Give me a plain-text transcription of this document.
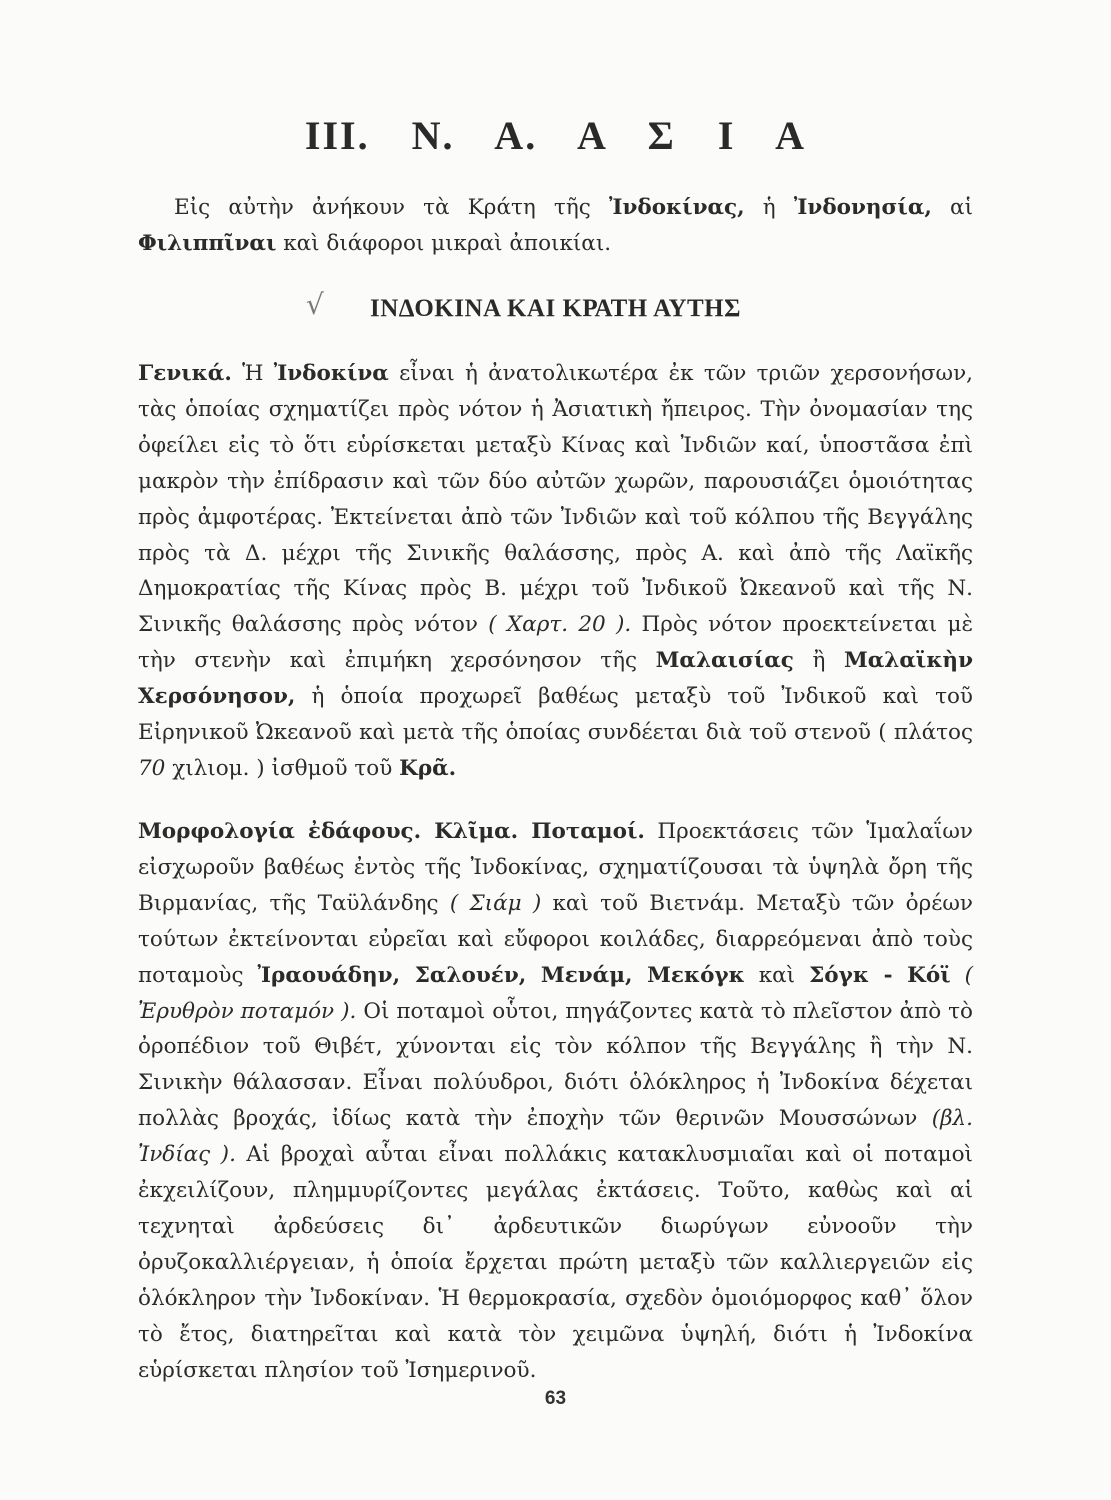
III. Ν. Α. Α Σ Ι Α

Εἰς αὐτὴν ἀνήκουν τὰ Κράτη τῆς Ἰνδοκίνας, ἡ Ἰνδονησία, αἱ Φιλιππῖναι καὶ διάφοροι μικραὶ ἀποικίαι.

√	ΙΝΔΟΚΙΝΑ ΚΑΙ ΚΡΑΤΗ ΑΥΤΗΣ

Γενικά. Ἡ Ἰνδοκίνα εἶναι ἡ ἀνατολικωτέρα ἐκ τῶν τριῶν χερσονήσων, τὰς ὁποίας σχηματίζει πρὸς νότον ἡ Ἀσιατικὴ ἤπειρος. Τὴν ὀνομασίαν της ὀφείλει εἰς τὸ ὅτι εὑρίσκεται μεταξὺ Κίνας καὶ Ἰνδιῶν καί, ὑποστᾶσα ἐπὶ μακρὸν τὴν ἐπίδρασιν καὶ τῶν δύο αὐτῶν χωρῶν, παρουσιάζει ὁμοιότητας πρὸς ἀμφοτέρας. Ἐκτείνεται ἀπὸ τῶν Ἰνδιῶν καὶ τοῦ κόλπου τῆς Βεγγάλης πρὸς τὰ Δ. μέχρι τῆς Σινικῆς θαλάσσης, πρὸς Α. καὶ ἀπὸ τῆς Λαϊκῆς Δημοκρατίας τῆς Κίνας πρὸς Β. μέχρι τοῦ Ἰνδικοῦ Ὠκεανοῦ καὶ τῆς Ν. Σινικῆς θαλάσσης πρὸς νότον ( Χαρτ. 20 ). Πρὸς νότον προεκτείνεται μὲ τὴν στενὴν καὶ ἐπιμήκη χερσόνησον τῆς Μαλαισίας ἢ Μαλαϊκὴν Χερσόνησον, ἡ ὁποία προχωρεῖ βαθέως μεταξὺ τοῦ Ἰνδικοῦ καὶ τοῦ Εἰρηνικοῦ Ὠκεανοῦ καὶ μετὰ τῆς ὁποίας συνδέεται διὰ τοῦ στενοῦ ( πλάτος 70 χιλιομ. ) ἰσθμοῦ τοῦ Κρᾶ.

Μορφολογία ἐδάφους. Κλῖμα. Ποταμοί. Προεκτάσεις τῶν Ἱμαλαΐων εἰσχωροῦν βαθέως ἐντὸς τῆς Ἰνδοκίνας, σχηματίζουσαι τὰ ὑψηλὰ ὄρη τῆς Βιρμανίας, τῆς Ταϋλάνδης ( Σιάμ ) καὶ τοῦ Βιετνάμ. Μεταξὺ τῶν ὀρέων τούτων ἐκτείνονται εὐρεῖαι καὶ εὔφοροι κοιλάδες, διαρρεόμεναι ἀπὸ τοὺς ποταμοὺς Ἰραουάδην, Σαλουέν, Μενάμ, Μεκόγκ καὶ Σόγκ - Κόϊ ( Ἐρυθρὸν ποταμόν ). Οἱ ποταμοὶ οὗτοι, πηγάζοντες κατὰ τὸ πλεῖστον ἀπὸ τὸ ὀροπέδιον τοῦ Θιβέτ, χύνονται εἰς τὸν κόλπον τῆς Βεγγάλης ἢ τὴν Ν. Σινικὴν θάλασσαν. Εἶναι πολύυδροι, διότι ὁλόκληρος ἡ Ἰνδοκίνα δέχεται πολλὰς βροχάς, ἰδίως κατὰ τὴν ἐποχὴν τῶν θερινῶν Μουσσώνων (βλ. Ἰνδίας ). Αἱ βροχαὶ αὗται εἶναι πολλάκις κατακλυσμιαῖαι καὶ οἱ ποταμοὶ ἐκχειλίζουν, πλημμυρίζοντες μεγάλας ἐκτάσεις. Τοῦτο, καθὼς καὶ αἱ τεχνηταὶ ἀρδεύσεις δι᾽ ἀρδευτικῶν διωρύγων εὐνοοῦν τὴν ὀρυζοκαλλιέργειαν, ἡ ὁποία ἔρχεται πρώτη μεταξὺ τῶν καλλιεργειῶν εἰς ὁλόκληρον τὴν Ἰνδοκίναν. Ἡ θερμοκρασία, σχεδὸν ὁμοιόμορφος καθ᾽ ὅλον τὸ ἔτος, διατηρεῖται καὶ κατὰ τὸν χειμῶνα ὑψηλή, διότι ἡ Ἰνδοκίνα εὑρίσκεται πλησίον τοῦ Ἰσημερινοῦ.

63
